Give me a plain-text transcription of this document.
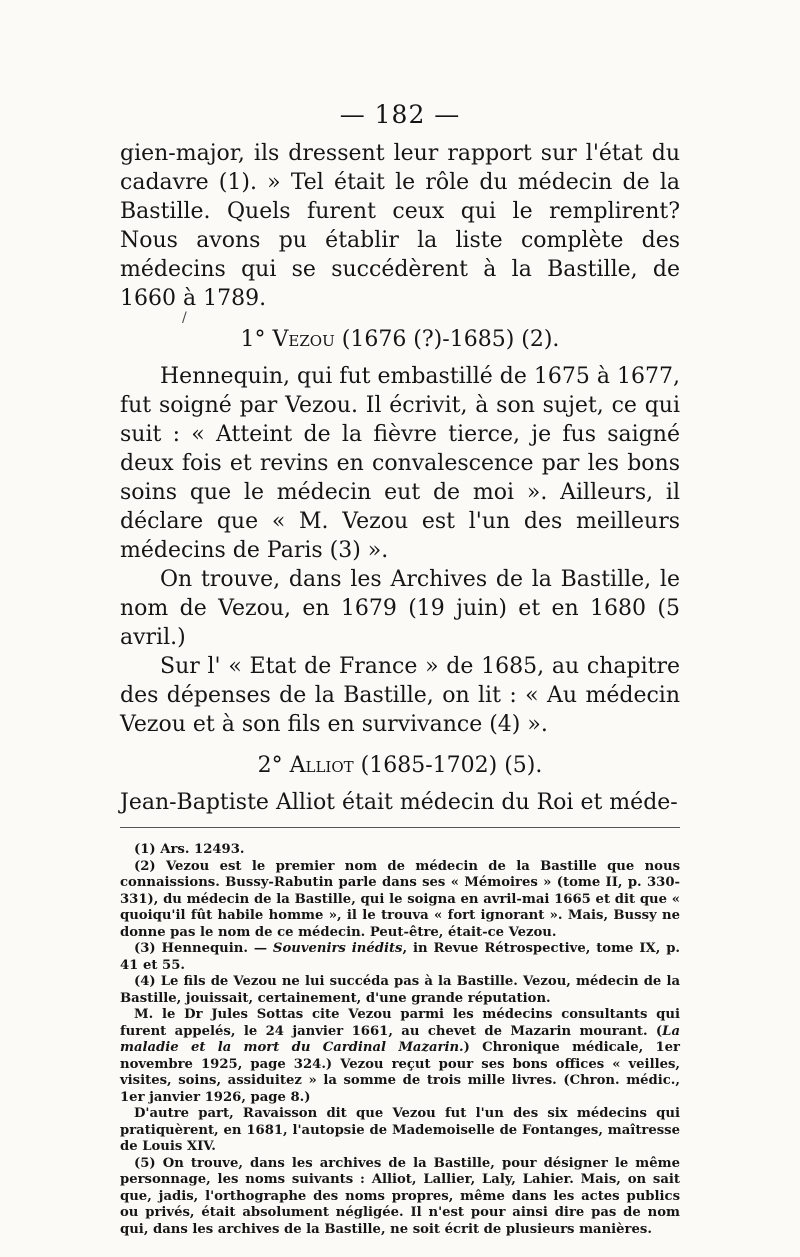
— 182 —

gien-major, ils dressent leur rapport sur l'état du cadavre (1). » Tel était le rôle du médecin de la Bastille. Quels furent ceux qui le remplirent? Nous avons pu établir la liste complète des médecins qui se succédèrent à la Bastille, de 1660 à 1789.

1° Vezou (1676 (?)-1685) (2).

Hennequin, qui fut embastillé de 1675 à 1677, fut soigné par Vezou. Il écrivit, à son sujet, ce qui suit : « Atteint de la fièvre tierce, je fus saigné deux fois et revins en convalescence par les bons soins que le médecin eut de moi ». Ailleurs, il déclare que « M. Vezou est l'un des meilleurs médecins de Paris (3) ».

On trouve, dans les Archives de la Bastille, le nom de Vezou, en 1679 (19 juin) et en 1680 (5 avril.)

Sur l' « Etat de France » de 1685, au chapitre des dépenses de la Bastille, on lit : « Au médecin Vezou et à son fils en survivance (4) ».

2° Alliot (1685-1702) (5).

Jean-Baptiste Alliot était médecin du Roi et méde-

(1) Ars. 12493.

(2) Vezou est le premier nom de médecin de la Bastille que nous connaissions. Bussy-Rabutin parle dans ses « Mémoires » (tome II, p. 330-331), du médecin de la Bastille, qui le soigna en avril-mai 1665 et dit que « quoiqu'il fût habile homme », il le trouva « fort ignorant ». Mais, Bussy ne donne pas le nom de ce médecin. Peut-être, était-ce Vezou.

(3) Hennequin. — Souvenirs inédits, in Revue Rétrospective, tome IX, p. 41 et 55.

(4) Le fils de Vezou ne lui succéda pas à la Bastille. Vezou, médecin de la Bastille, jouissait, certainement, d'une grande réputation.

M. le Dr Jules Sottas cite Vezou parmi les médecins consultants qui furent appelés, le 24 janvier 1661, au chevet de Mazarin mourant. (La maladie et la mort du Cardinal Mazarin.) Chronique médicale, 1er novembre 1925, page 324.) Vezou reçut pour ses bons offices « veilles, visites, soins, assiduitez » la somme de trois mille livres. (Chron. médic., 1er janvier 1926, page 8.)

D'autre part, Ravaisson dit que Vezou fut l'un des six médecins qui pratiquèrent, en 1681, l'autopsie de Mademoiselle de Fontanges, maîtresse de Louis XIV.

(5) On trouve, dans les archives de la Bastille, pour désigner le même personnage, les noms suivants : Alliot, Lallier, Laly, Lahier. Mais, on sait que, jadis, l'orthographe des noms propres, même dans les actes publics ou privés, était absolument négligée. Il n'est pour ainsi dire pas de nom qui, dans les archives de la Bastille, ne soit écrit de plusieurs manières.

/
